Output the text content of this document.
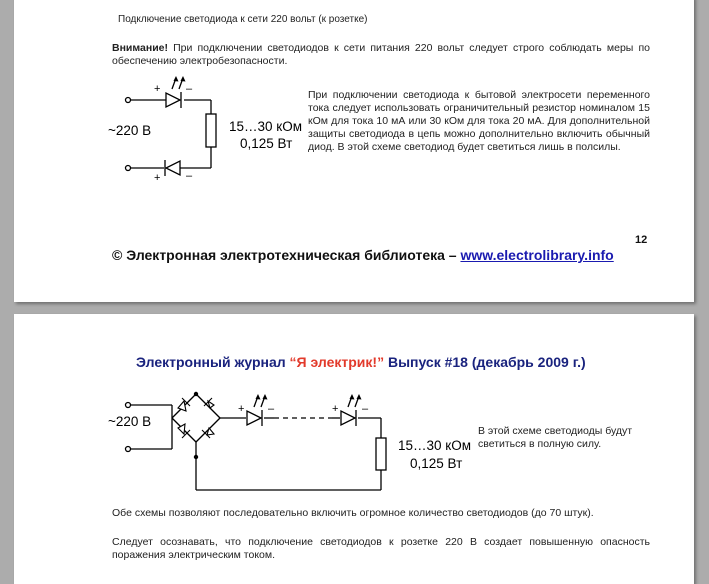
Подключение светодиода к сети 220 вольт (к розетке)
Внимание! При подключении светодиодов к сети питания 220 вольт следует строго соблюдать меры по обеспечению электробезопасности.
+ –
+ –
~220 В	15…30 кОм
0,125 Вт
При подключении светодиода к бытовой электросети переменного тока следует использовать ограничительный резистор номиналом 15 кОм для тока 10 мА или 30 кОм для тока 20 мА. Для дополнительной защиты светодиода в цепь можно дополнительно включить обычный диод. В этой схеме светодиод будет светиться лишь в полсилы.
12
© Электронная электротехническая библиотека – www.electrolibrary.info
Электронный журнал “Я электрик!” Выпуск #18 (декабрь 2009 г.)
~220 В
+ –	+ –
15…30 кОм
0,125 Вт
В этой схеме светодиоды будут светиться в полную силу.
Обе схемы позволяют последовательно включить огромное количество светодиодов (до 70 штук).
Следует осознавать, что подключение светодиодов к розетке 220 В создает повышенную опасность поражения электрическим током.
